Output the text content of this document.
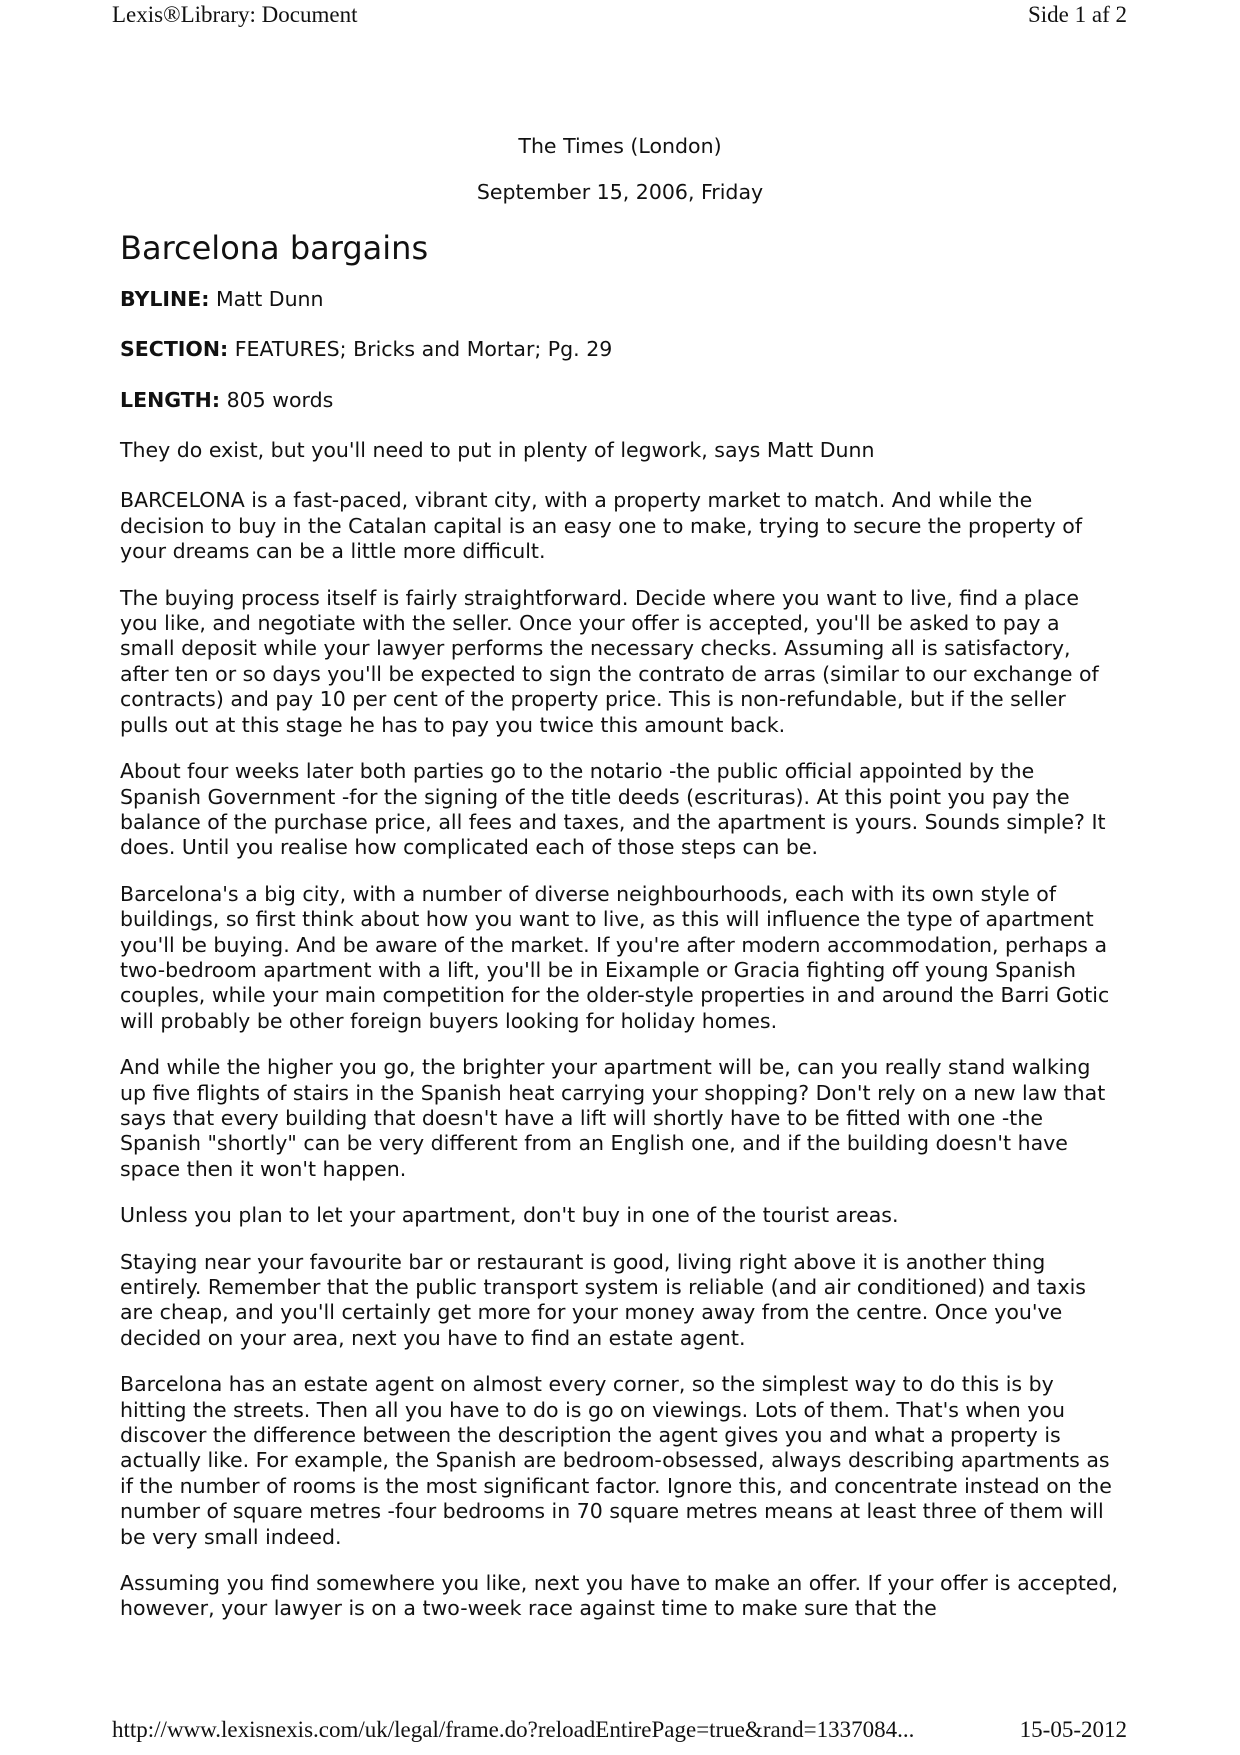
Lexis®Library: Document	Side 1 af 2
The Times (London)
September 15, 2006, Friday
Barcelona bargains
BYLINE: Matt Dunn
SECTION: FEATURES; Bricks and Mortar; Pg. 29
LENGTH: 805 words

They do exist, but you'll need to put in plenty of legwork, says Matt Dunn

BARCELONA is a fast-paced, vibrant city, with a property market to match. And while the decision to buy in the Catalan capital is an easy one to make, trying to secure the property of your dreams can be a little more difficult.

The buying process itself is fairly straightforward. Decide where you want to live, find a place you like, and negotiate with the seller. Once your offer is accepted, you'll be asked to pay a small deposit while your lawyer performs the necessary checks. Assuming all is satisfactory, after ten or so days you'll be expected to sign the contrato de arras (similar to our exchange of contracts) and pay 10 per cent of the property price. This is non-refundable, but if the seller pulls out at this stage he has to pay you twice this amount back.

About four weeks later both parties go to the notario -the public official appointed by the Spanish Government -for the signing of the title deeds (escrituras). At this point you pay the balance of the purchase price, all fees and taxes, and the apartment is yours. Sounds simple? It does. Until you realise how complicated each of those steps can be.

Barcelona's a big city, with a number of diverse neighbourhoods, each with its own style of buildings, so first think about how you want to live, as this will influence the type of apartment you'll be buying. And be aware of the market. If you're after modern accommodation, perhaps a two-bedroom apartment with a lift, you'll be in Eixample or Gracia fighting off young Spanish couples, while your main competition for the older-style properties in and around the Barri Gotic will probably be other foreign buyers looking for holiday homes.

And while the higher you go, the brighter your apartment will be, can you really stand walking up five flights of stairs in the Spanish heat carrying your shopping? Don't rely on a new law that says that every building that doesn't have a lift will shortly have to be fitted with one -the Spanish "shortly" can be very different from an English one, and if the building doesn't have space then it won't happen.

Unless you plan to let your apartment, don't buy in one of the tourist areas.

Staying near your favourite bar or restaurant is good, living right above it is another thing entirely. Remember that the public transport system is reliable (and air conditioned) and taxis are cheap, and you'll certainly get more for your money away from the centre. Once you've decided on your area, next you have to find an estate agent.

Barcelona has an estate agent on almost every corner, so the simplest way to do this is by hitting the streets. Then all you have to do is go on viewings. Lots of them. That's when you discover the difference between the description the agent gives you and what a property is actually like. For example, the Spanish are bedroom-obsessed, always describing apartments as if the number of rooms is the most significant factor. Ignore this, and concentrate instead on the number of square metres -four bedrooms in 70 square metres means at least three of them will be very small indeed.

Assuming you find somewhere you like, next you have to make an offer. If your offer is accepted, however, your lawyer is on a two-week race against time to make sure that the

http://www.lexisnexis.com/uk/legal/frame.do?reloadEntirePage=true&rand=1337084...	15-05-2012
